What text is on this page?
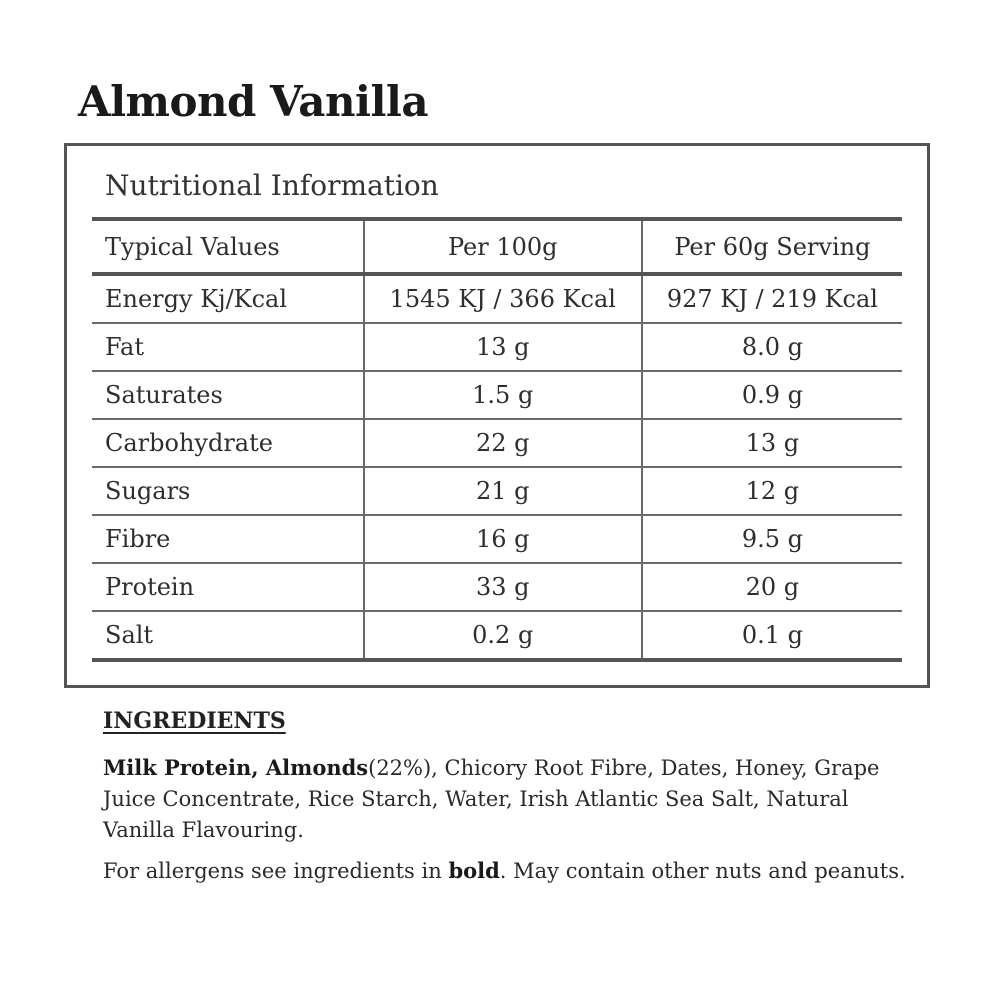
Almond Vanilla
Nutritional Information
Typical Values	Per 100g	Per 60g Serving
Energy Kj/Kcal	1545 KJ / 366 Kcal	927 KJ / 219 Kcal
Fat	13 g	8.0 g
Saturates	1.5 g	0.9 g
Carbohydrate	22 g	13 g
Sugars	21 g	12 g
Fibre	16 g	9.5 g
Protein	33 g	20 g
Salt	0.2 g	0.1 g
INGREDIENTS

Milk Protein, Almonds(22%), Chicory Root Fibre, Dates, Honey, Grape Juice Concentrate, Rice Starch, Water, Irish Atlantic Sea Salt, Natural Vanilla Flavouring.

For allergens see ingredients in bold. May contain other nuts and peanuts.
